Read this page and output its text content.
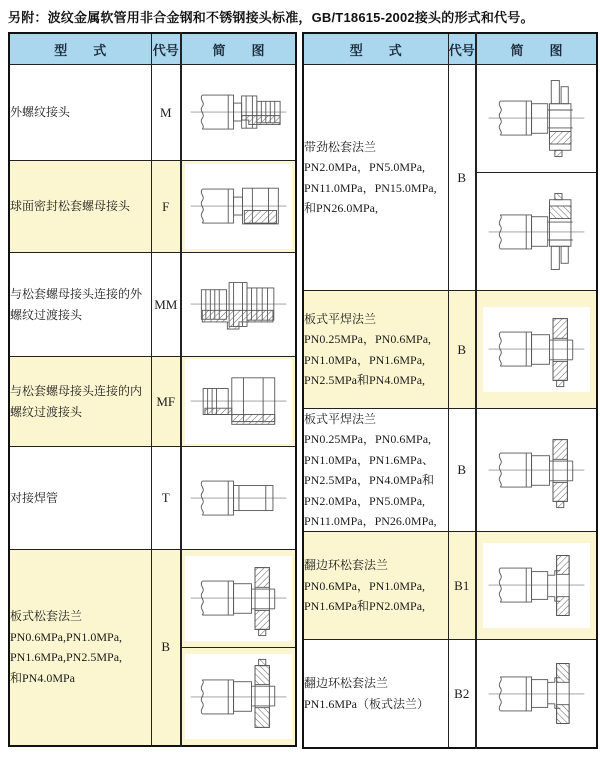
另附：波纹金属软管用非合金钢和不锈钢接头标准，GB/T18615-2002接头的形式和代号。
型　　式	代号	简　　图

外螺纹接头	M	

球面密封松套螺母接头	F	

与松套螺母接头连接的外螺纹过渡接头	MM	

与松套螺母接头连接的内螺纹过渡接头	MF	

对接焊管	T	

板式松套法兰
PN0.6MPa,PN1.0MPa,
PN1.6MPa,PN2.5MPa,
和PN4.0MPa	B	

型　　式	代号	简　　图

带劲松套法兰
PN2.0MPa，PN5.0MPa,
PN11.0MPa，PN15.0MPa,
和PN26.0MPa,	B	

板式平焊法兰
PN0.25MPa，PN0.6MPa,
PN1.0MPa，PN1.6MPa,
PN2.5MPa和PN4.0MPa,	B	

板式平焊法兰
PN0.25MPa，PN0.6MPa,
PN1.0MPa，PN1.6MPa、
PN2.5MPa，PN4.0MPa和
PN2.0MPa，PN5.0MPa,
PN11.0MPa，PN26.0MPa,
	B	

翻边环松套法兰
PN0.6MPa，PN1.0MPa,
PN1.6MPa和PN2.0MPa,	B1	

翻边环松套法兰
PN1.6MPa（板式法兰）	B2	
